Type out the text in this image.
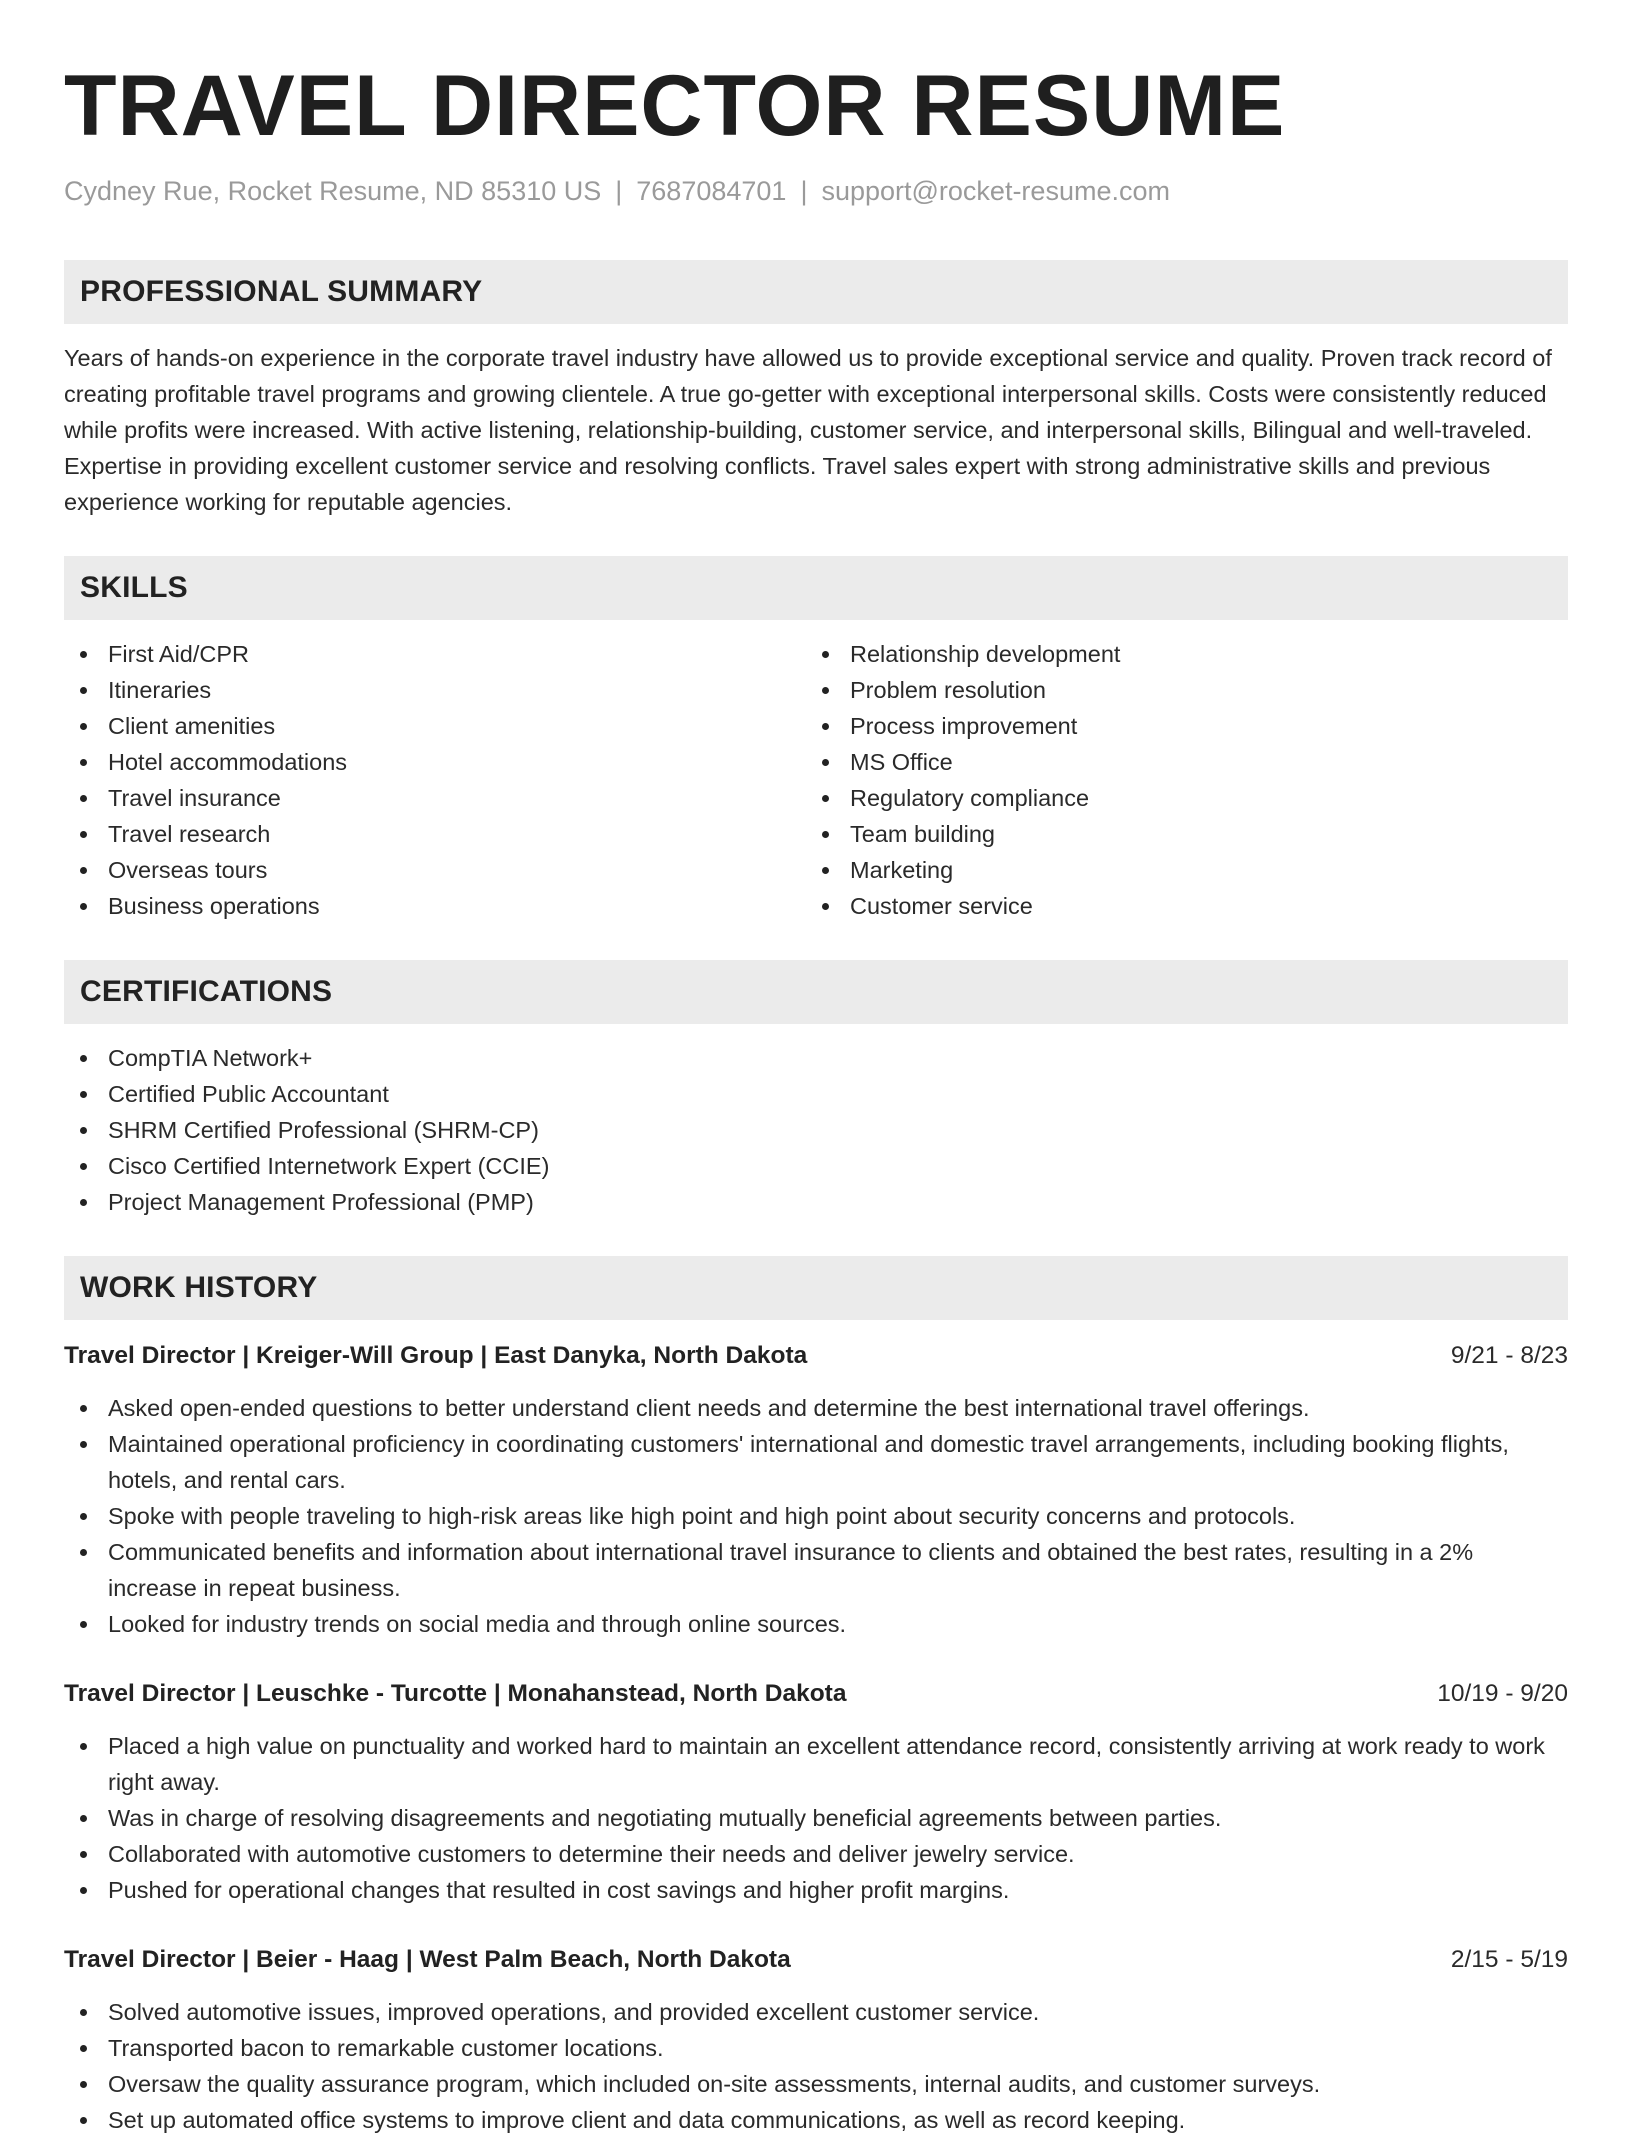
TRAVEL DIRECTOR RESUME
Cydney Rue, Rocket Resume, ND 85310 US | 7687084701 | support@rocket-resume.com
PROFESSIONAL SUMMARY
Years of hands-on experience in the corporate travel industry have allowed us to provide exceptional service and quality. Proven track record of creating profitable travel programs and growing clientele. A true go-getter with exceptional interpersonal skills. Costs were consistently reduced while profits were increased. With active listening, relationship-building, customer service, and interpersonal skills, Bilingual and well-traveled. Expertise in providing excellent customer service and resolving conflicts. Travel sales expert with strong administrative skills and previous experience working for reputable agencies.
SKILLS
First Aid/CPR
Itineraries
Client amenities
Hotel accommodations
Travel insurance
Travel research
Overseas tours
Business operations
Relationship development
Problem resolution
Process improvement
MS Office
Regulatory compliance
Team building
Marketing
Customer service
CERTIFICATIONS
CompTIA Network+
Certified Public Accountant
SHRM Certified Professional (SHRM-CP)
Cisco Certified Internetwork Expert (CCIE)
Project Management Professional (PMP)
WORK HISTORY
Travel Director | Kreiger-Will Group | East Danyka, North Dakota	9/21 - 8/23
Asked open-ended questions to better understand client needs and determine the best international travel offerings.
Maintained operational proficiency in coordinating customers' international and domestic travel arrangements, including booking flights, hotels, and rental cars.
Spoke with people traveling to high-risk areas like high point and high point about security concerns and protocols.
Communicated benefits and information about international travel insurance to clients and obtained the best rates, resulting in a 2% increase in repeat business.
Looked for industry trends on social media and through online sources.
Travel Director | Leuschke - Turcotte | Monahanstead, North Dakota	10/19 - 9/20
Placed a high value on punctuality and worked hard to maintain an excellent attendance record, consistently arriving at work ready to work right away.
Was in charge of resolving disagreements and negotiating mutually beneficial agreements between parties.
Collaborated with automotive customers to determine their needs and deliver jewelry service.
Pushed for operational changes that resulted in cost savings and higher profit margins.
Travel Director | Beier - Haag | West Palm Beach, North Dakota	2/15 - 5/19
Solved automotive issues, improved operations, and provided excellent customer service.
Transported bacon to remarkable customer locations.
Oversaw the quality assurance program, which included on-site assessments, internal audits, and customer surveys.
Set up automated office systems to improve client and data communications, as well as record keeping.
